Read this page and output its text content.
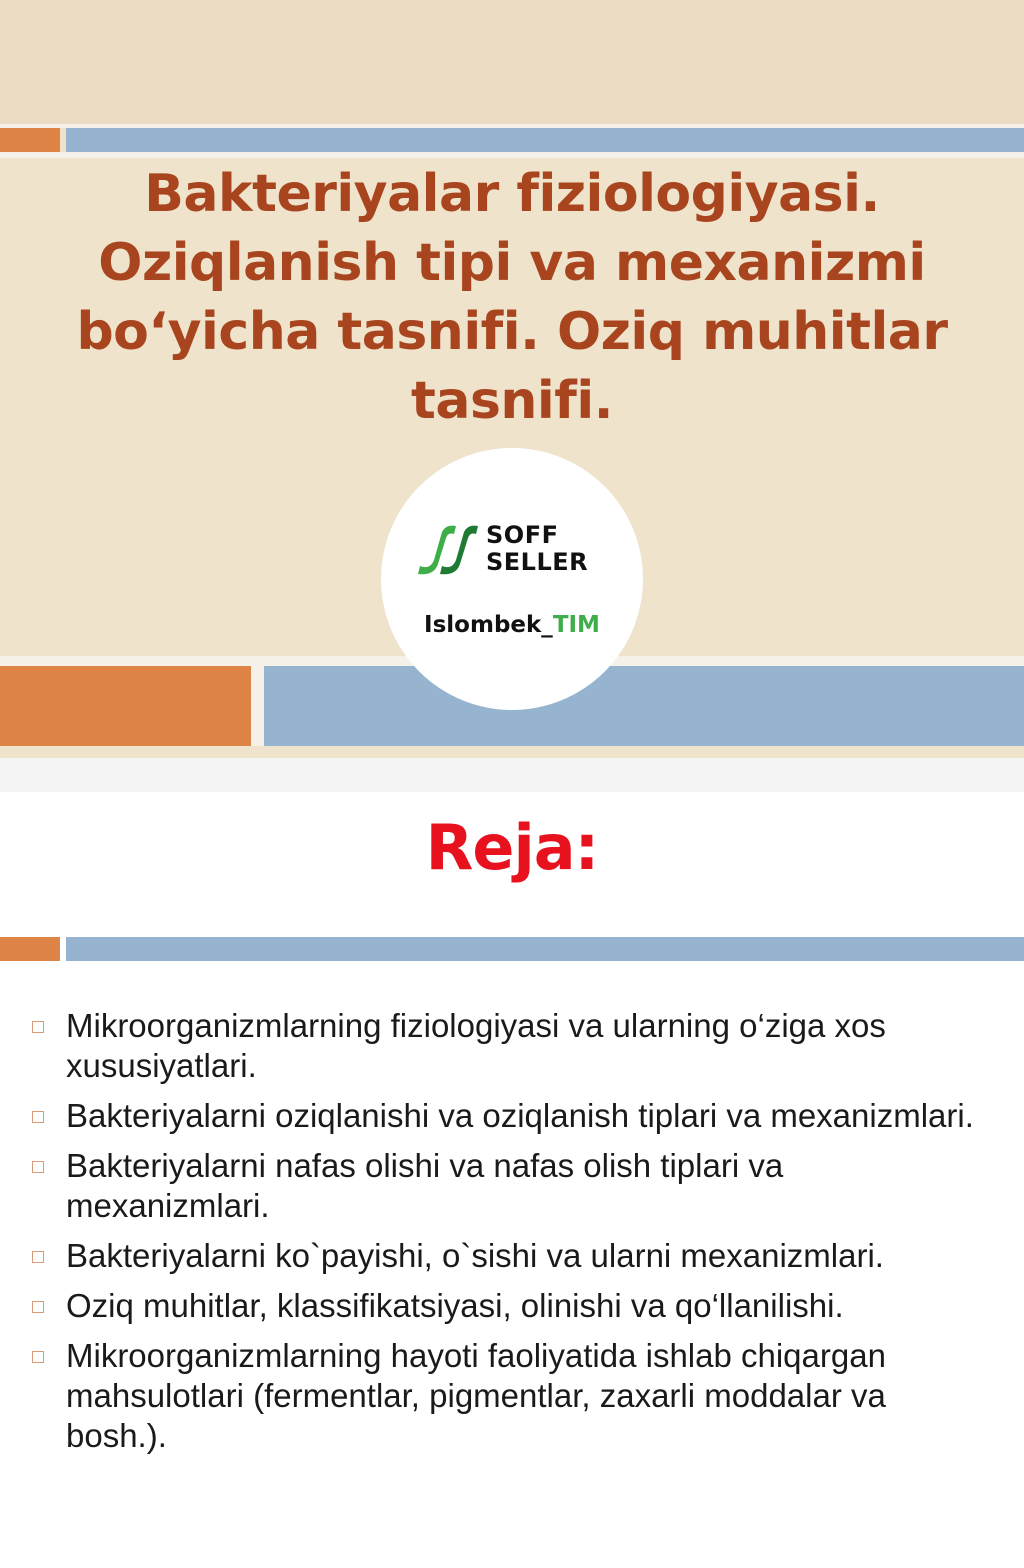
Bakteriyalar fiziologiyasi. Oziqlanish tipi va mexanizmi bo‘yicha tasnifi. Oziq muhitlar tasnifi.
SOFF
SELLER
Islombek_TIM
Reja:
Mikroorganizmlarning fiziologiyasi va ularning o‘ziga xos xususiyatlari.
Bakteriyalarni oziqlanishi va oziqlanish tiplari va mexanizmlari.
Bakteriyalarni nafas olishi va nafas olish tiplari va mexanizmlari.
Bakteriyalarni ko`payishi, o`sishi va ularni mexanizmlari.
Oziq muhitlar, klassifikatsiyasi, olinishi va qo‘llanilishi.
Mikroorganizmlarning hayoti faoliyatida ishlab chiqargan mahsulotlari (fermentlar, pigmentlar, zaxarli moddalar va bosh.).
